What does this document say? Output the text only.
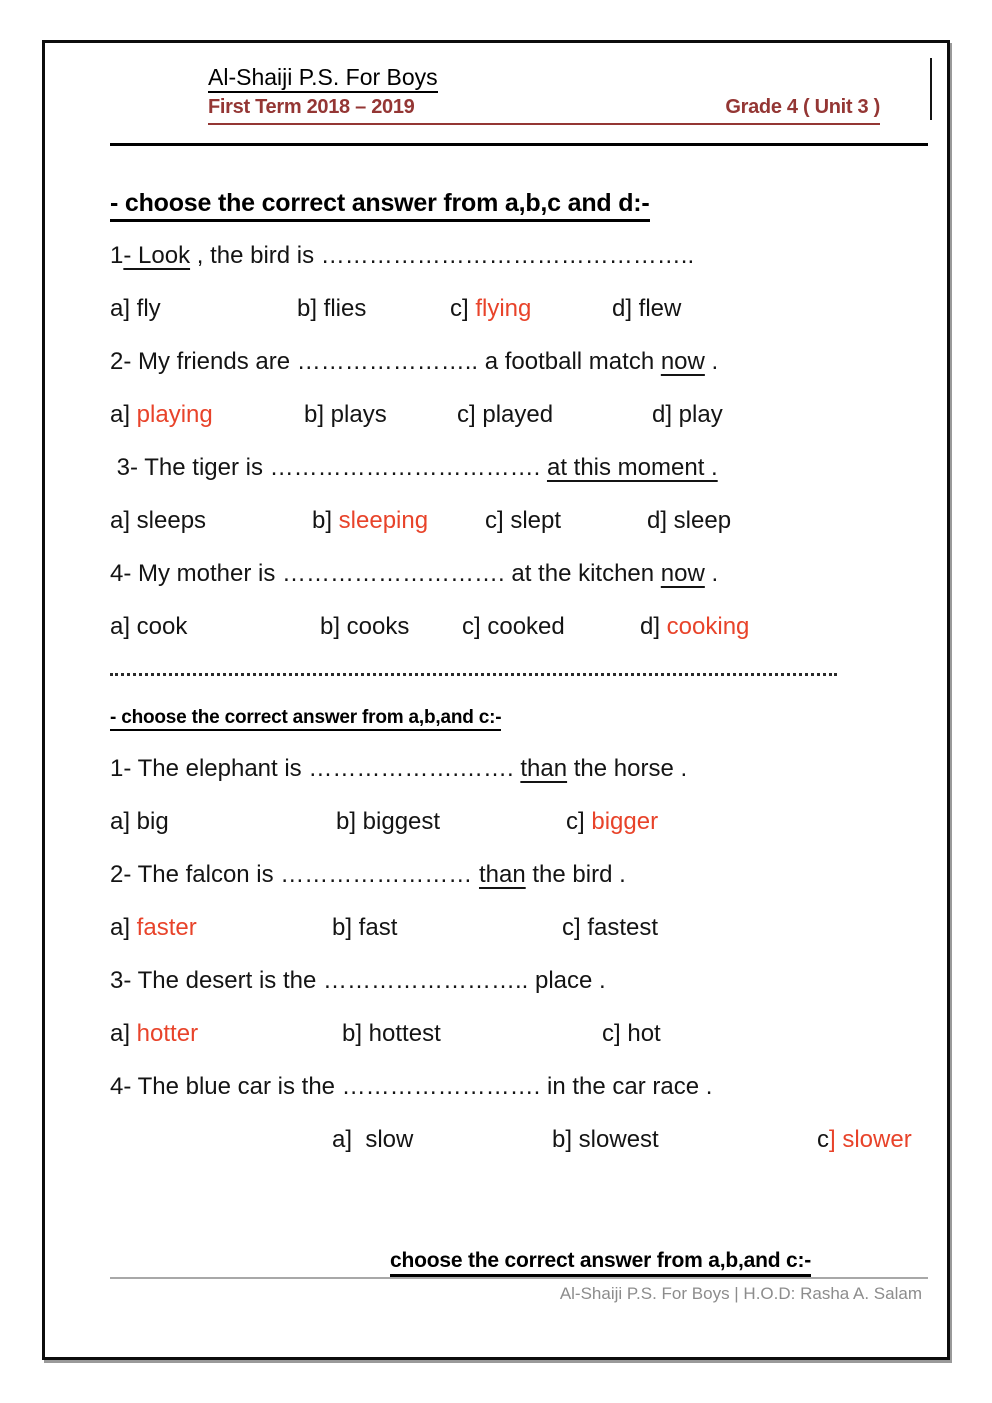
Al-Shaiji P.S. For Boys
First Term 2018 – 2019	Grade 4 ( Unit 3 )
- choose the correct answer from a,b,c and d:-
1- Look , the bird is ………………………………………..
a] fly	b] flies	c] flying	d] flew
2- My friends are ………………….. a football match now .
a] playing	b] plays	c] played	d] play
3- The tiger is ……………………………. at this moment .
a] sleeps	b] sleeping	c] slept	d] sleep
4- My mother is ………………………. at the kitchen now .
a] cook	b] cooks	c] cooked	d] cooking
- choose the correct answer from a,b,and c:-
1- The elephant is ……………….……. than the horse .
a] big	b] biggest	c] bigger
2- The falcon is …………………… than the bird .
a] faster	b] fast	c] fastest
3- The desert is the …………………….. place .
a] hotter	b] hottest	c] hot
4- The blue car is the ……………………. in the car race .
a]  slow	b] slowest	c] slower
choose the correct answer from a,b,and c:-
Al-Shaiji P.S. For Boys | H.O.D: Rasha A. Salam
